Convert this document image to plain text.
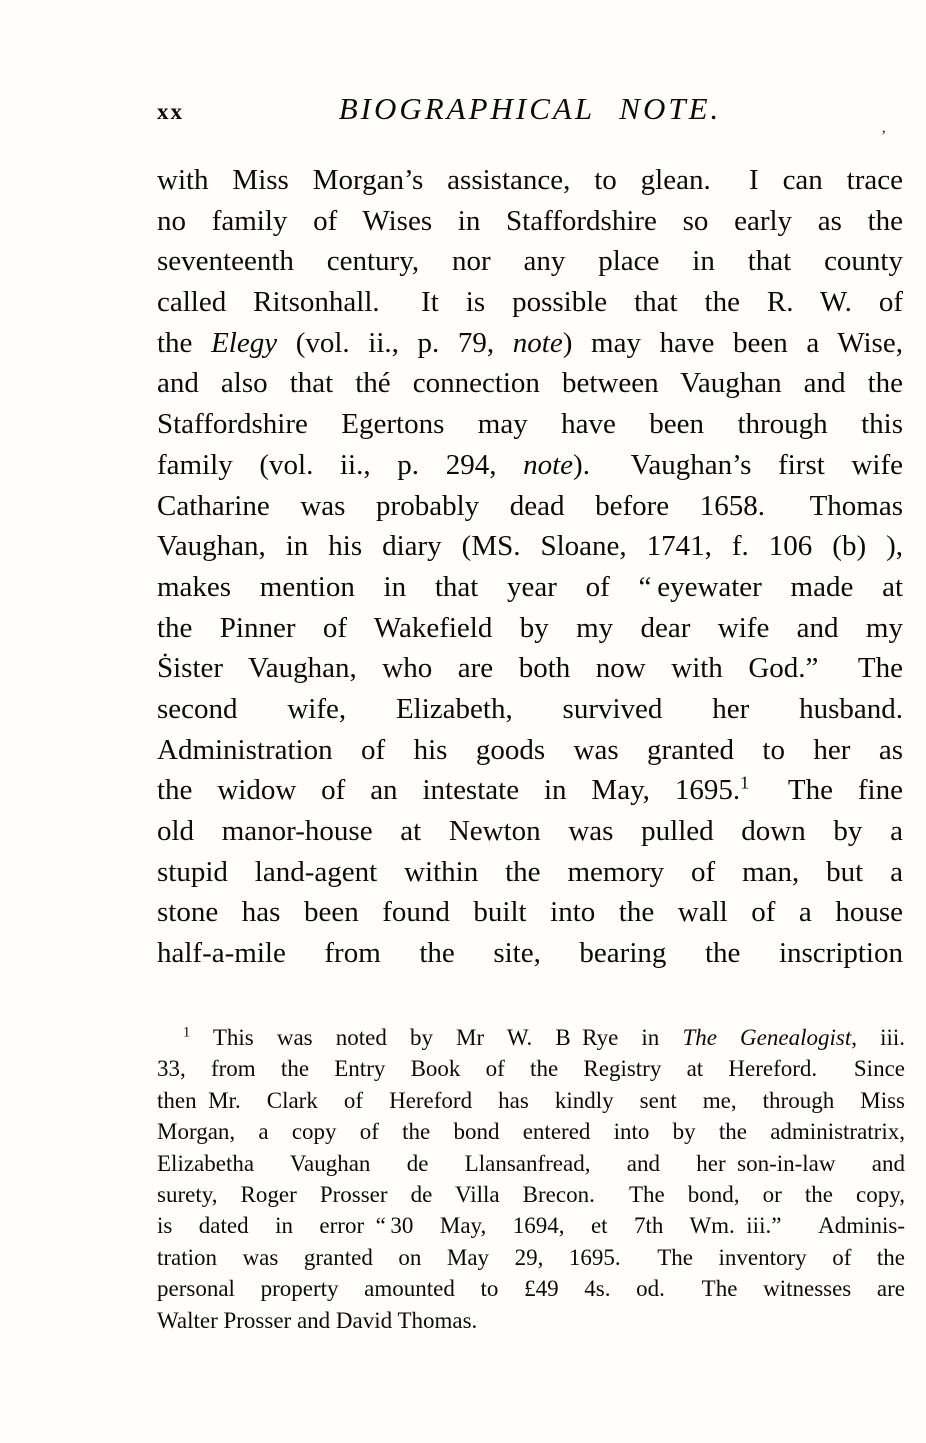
xx	BIOGRAPHICAL NOTE.
’
with Miss Morgan’s assistance, to glean.  I can trace
no family of Wises in Staffordshire so early as the
seventeenth century, nor any place in that county
called Ritsonhall.  It is possible that the R. W. of
the Elegy (vol. ii., p. 79, note) may have been a Wise,
and also that thé connection between Vaughan and the
Staffordshire Egertons may have been through this
family (vol. ii., p. 294, note).  Vaughan’s first wife
Catharine was probably dead before 1658.  Thomas
Vaughan, in his diary (MS. Sloane, 1741, f. 106 (b) ),
makes mention in that year of “ eyewater made at
the Pinner of Wakefield by my dear wife and my
Ṡister Vaughan, who are both now with God.”  The
second wife, Elizabeth, survived her husband.
Administration of his goods was granted to her as
the widow of an intestate in May, 1695.$^1$  The fine
old manor-house at Newton was pulled down by a
stupid land-agent within the memory of man, but a
stone has been found built into the wall of a house
half-a-mile from the site, bearing the inscription
$^1$ This was noted by Mr W. B Rye in The Genealogist, iii.
33, from the Entry Book of the Registry at Hereford.  Since
then Mr. Clark of Hereford has kindly sent me, through Miss
Morgan, a copy of the bond entered into by the administratrix,
Elizabetha Vaughan de Llansanfread, and her son-in-law and
surety, Roger Prosser de Villa Brecon.  The bond, or the copy,
is dated in error “ 30 May, 1694, et 7th Wm. iii.”  Adminis-
tration was granted on May 29, 1695.  The inventory of the
personal property amounted to £49 4s. od.  The witnesses are
Walter Prosser and David Thomas.
